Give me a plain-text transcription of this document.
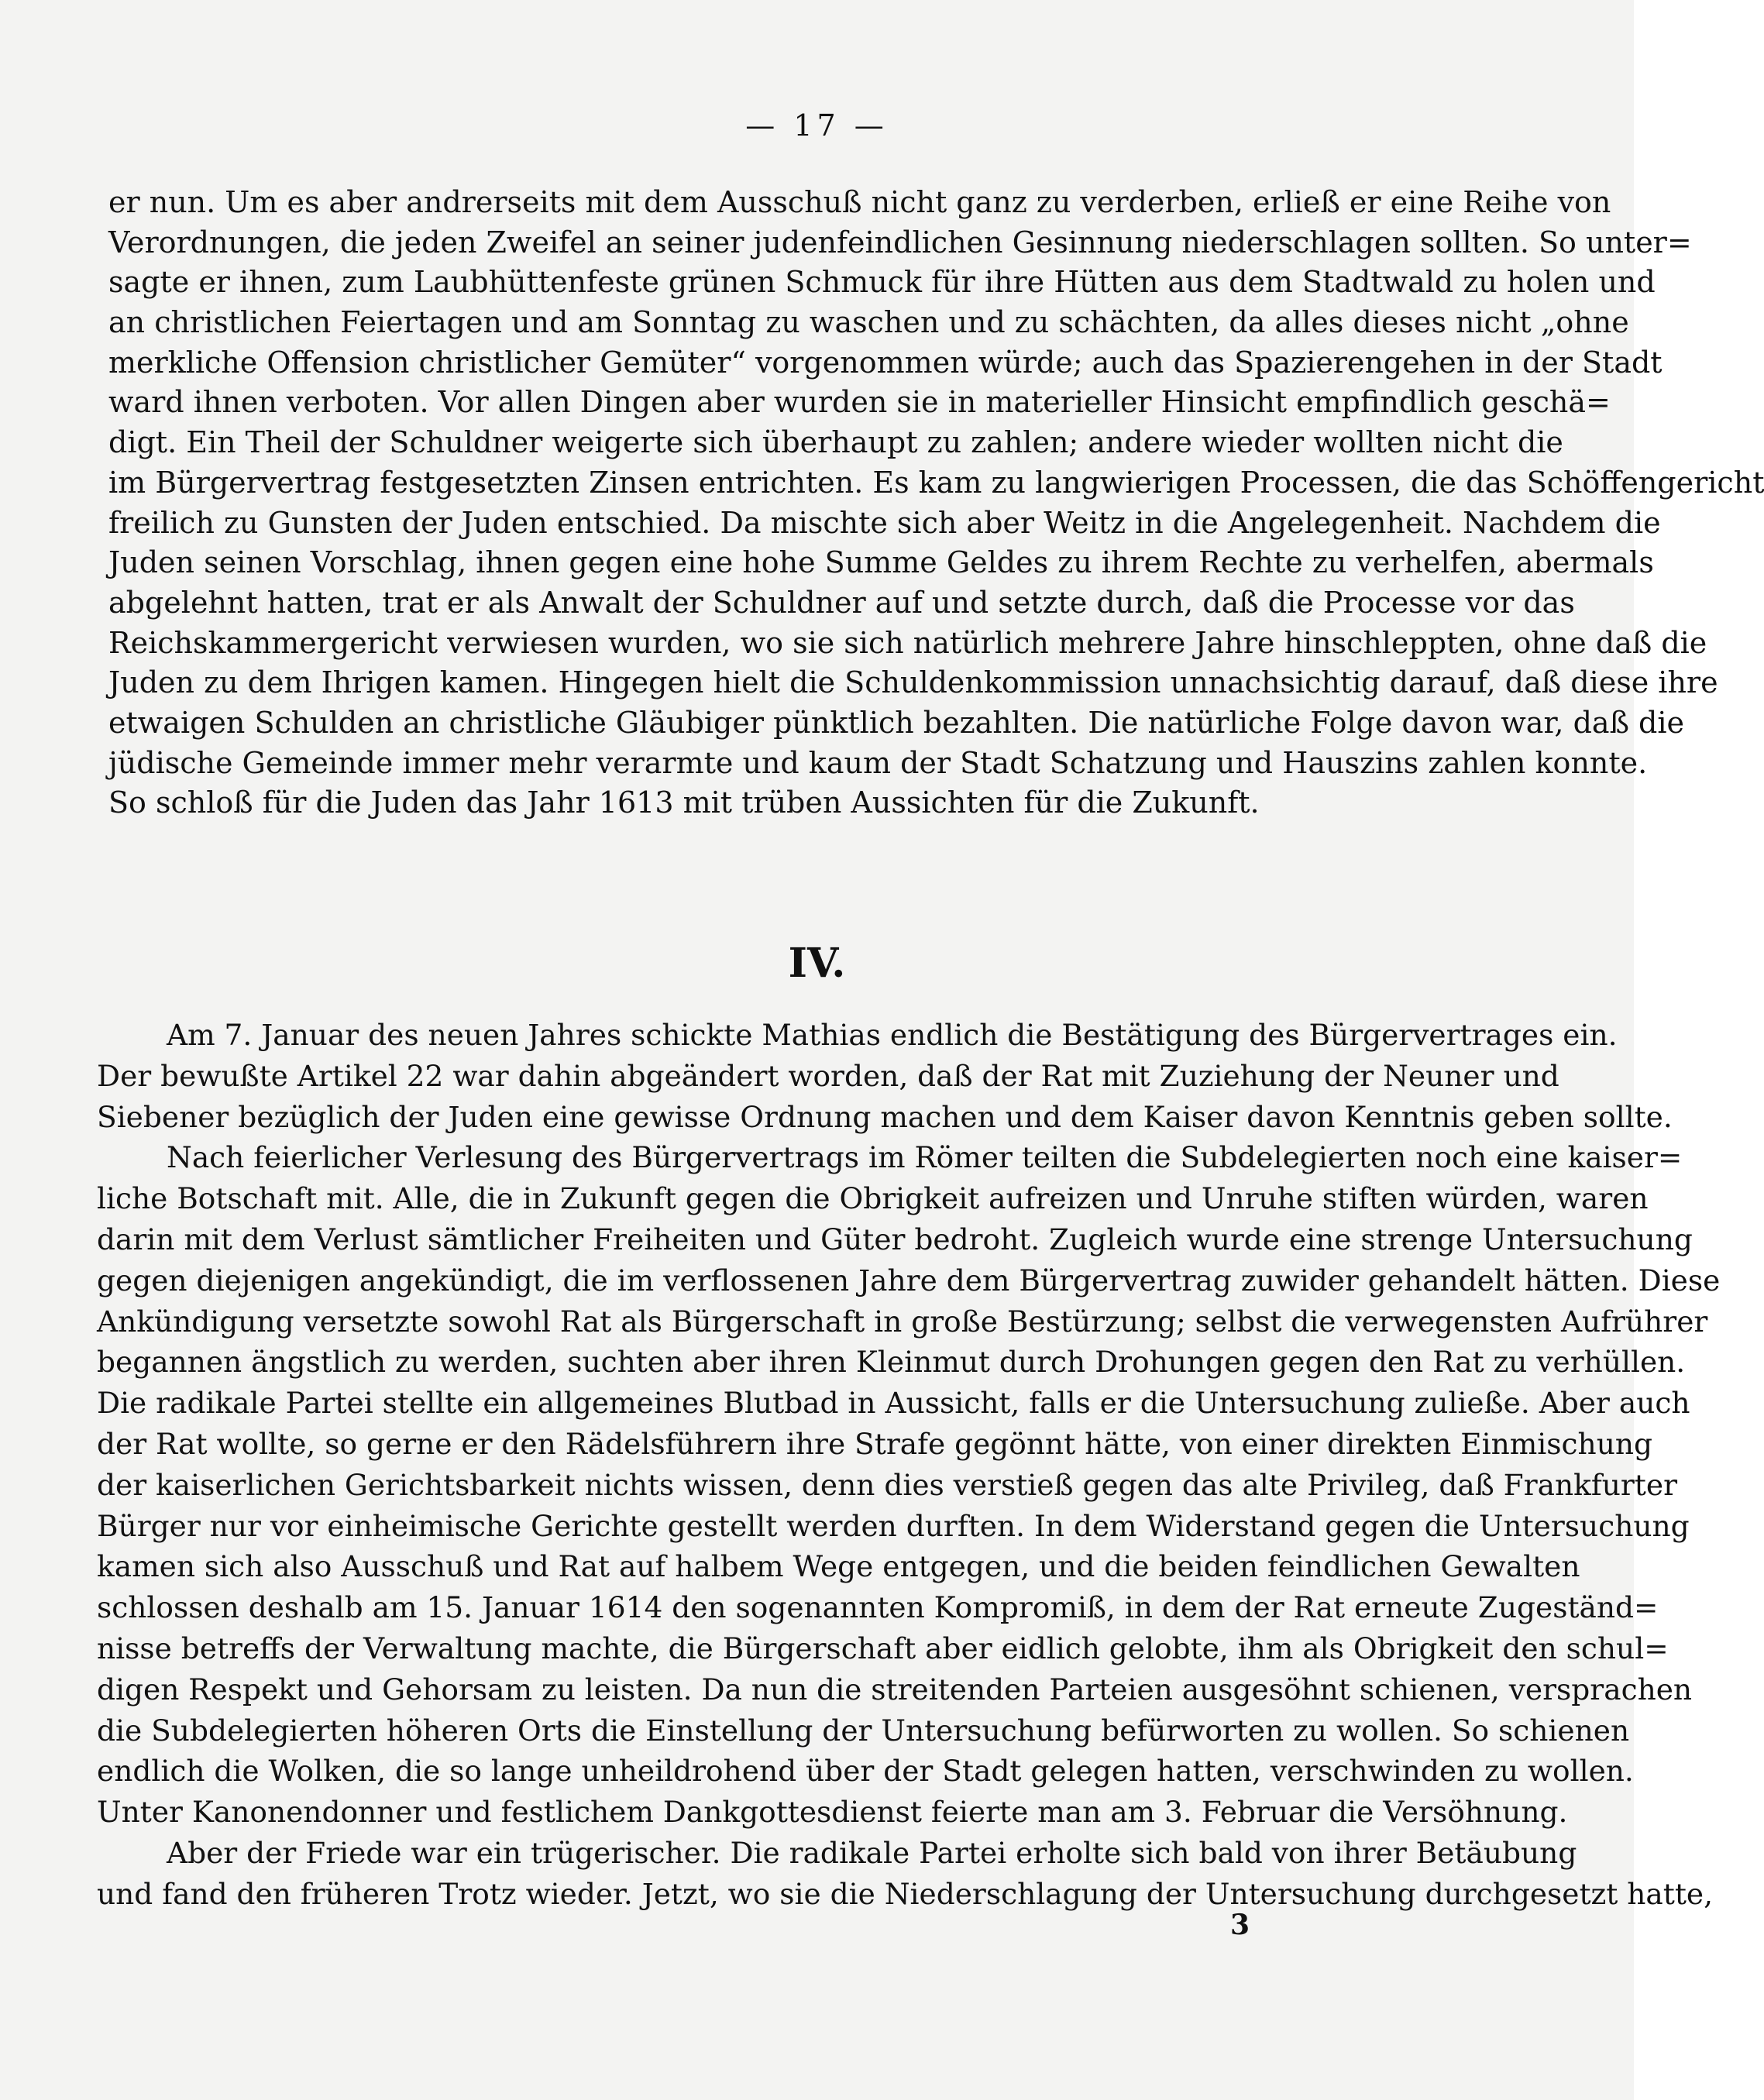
— 17 —
er nun. Um es aber andrerseits mit dem Ausschuß nicht ganz zu verderben, erließ er eine Reihe von
Verordnungen, die jeden Zweifel an seiner judenfeindlichen Gesinnung niederschlagen sollten. So unter=
sagte er ihnen, zum Laubhüttenfeste grünen Schmuck für ihre Hütten aus dem Stadtwald zu holen und
an christlichen Feiertagen und am Sonntag zu waschen und zu schächten, da alles dieses nicht „ohne
merkliche Offension christlicher Gemüter“ vorgenommen würde; auch das Spazierengehen in der Stadt
ward ihnen verboten. Vor allen Dingen aber wurden sie in materieller Hinsicht empfindlich geschä=
digt. Ein Theil der Schuldner weigerte sich überhaupt zu zahlen; andere wieder wollten nicht die
im Bürgervertrag festgesetzten Zinsen entrichten. Es kam zu langwierigen Processen, die das Schöffengericht
freilich zu Gunsten der Juden entschied. Da mischte sich aber Weitz in die Angelegenheit. Nachdem die
Juden seinen Vorschlag, ihnen gegen eine hohe Summe Geldes zu ihrem Rechte zu verhelfen, abermals
abgelehnt hatten, trat er als Anwalt der Schuldner auf und setzte durch, daß die Processe vor das
Reichskammergericht verwiesen wurden, wo sie sich natürlich mehrere Jahre hinschleppten, ohne daß die
Juden zu dem Ihrigen kamen. Hingegen hielt die Schuldenkommission unnachsichtig darauf, daß diese ihre
etwaigen Schulden an christliche Gläubiger pünktlich bezahlten. Die natürliche Folge davon war, daß die
jüdische Gemeinde immer mehr verarmte und kaum der Stadt Schatzung und Hauszins zahlen konnte.
So schloß für die Juden das Jahr 1613 mit trüben Aussichten für die Zukunft.
IV.
Am 7. Januar des neuen Jahres schickte Mathias endlich die Bestätigung des Bürgervertrages ein.
Der bewußte Artikel 22 war dahin abgeändert worden, daß der Rat mit Zuziehung der Neuner und
Siebener bezüglich der Juden eine gewisse Ordnung machen und dem Kaiser davon Kenntnis geben sollte.
Nach feierlicher Verlesung des Bürgervertrags im Römer teilten die Subdelegierten noch eine kaiser=
liche Botschaft mit. Alle, die in Zukunft gegen die Obrigkeit aufreizen und Unruhe stiften würden, waren
darin mit dem Verlust sämtlicher Freiheiten und Güter bedroht. Zugleich wurde eine strenge Untersuchung
gegen diejenigen angekündigt, die im verflossenen Jahre dem Bürgervertrag zuwider gehandelt hätten. Diese
Ankündigung versetzte sowohl Rat als Bürgerschaft in große Bestürzung; selbst die verwegensten Aufrührer
begannen ängstlich zu werden, suchten aber ihren Kleinmut durch Drohungen gegen den Rat zu verhüllen.
Die radikale Partei stellte ein allgemeines Blutbad in Aussicht, falls er die Untersuchung zuließe. Aber auch
der Rat wollte, so gerne er den Rädelsführern ihre Strafe gegönnt hätte, von einer direkten Einmischung
der kaiserlichen Gerichtsbarkeit nichts wissen, denn dies verstieß gegen das alte Privileg, daß Frankfurter
Bürger nur vor einheimische Gerichte gestellt werden durften. In dem Widerstand gegen die Untersuchung
kamen sich also Ausschuß und Rat auf halbem Wege entgegen, und die beiden feindlichen Gewalten
schlossen deshalb am 15. Januar 1614 den sogenannten Kompromiß, in dem der Rat erneute Zugeständ=
nisse betreffs der Verwaltung machte, die Bürgerschaft aber eidlich gelobte, ihm als Obrigkeit den schul=
digen Respekt und Gehorsam zu leisten. Da nun die streitenden Parteien ausgesöhnt schienen, versprachen
die Subdelegierten höheren Orts die Einstellung der Untersuchung befürworten zu wollen. So schienen
endlich die Wolken, die so lange unheildrohend über der Stadt gelegen hatten, verschwinden zu wollen.
Unter Kanonendonner und festlichem Dankgottesdienst feierte man am 3. Februar die Versöhnung.
Aber der Friede war ein trügerischer. Die radikale Partei erholte sich bald von ihrer Betäubung
und fand den früheren Trotz wieder. Jetzt, wo sie die Niederschlagung der Untersuchung durchgesetzt hatte,
3
